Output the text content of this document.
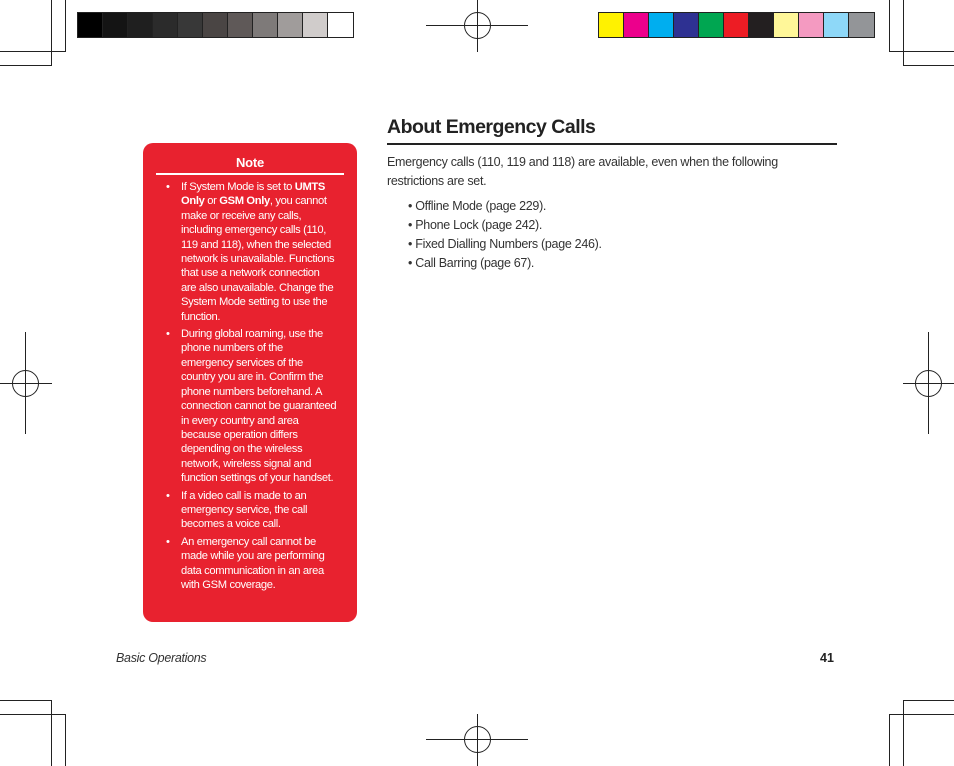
Note
• If System Mode is set to UMTS Only or GSM Only, you cannot make or receive any calls, including emergency calls (110, 119 and 118), when the selected network is unavailable. Functions that use a network connection are also unavailable. Change the System Mode setting to use the function.
• During global roaming, use the phone numbers of the emergency services of the country you are in. Confirm the phone numbers beforehand. A connection cannot be guaranteed in every country and area because operation differs depending on the wireless network, wireless signal and function settings of your handset.
• If a video call is made to an emergency service, the call becomes a voice call.
• An emergency call cannot be made while you are performing data communication in an area with GSM coverage.
About Emergency Calls
Emergency calls (110, 119 and 118) are available, even when the following restrictions are set.
• Offline Mode (page 229).
• Phone Lock (page 242).
• Fixed Dialling Numbers (page 246).
• Call Barring (page 67).
Basic Operations	41
